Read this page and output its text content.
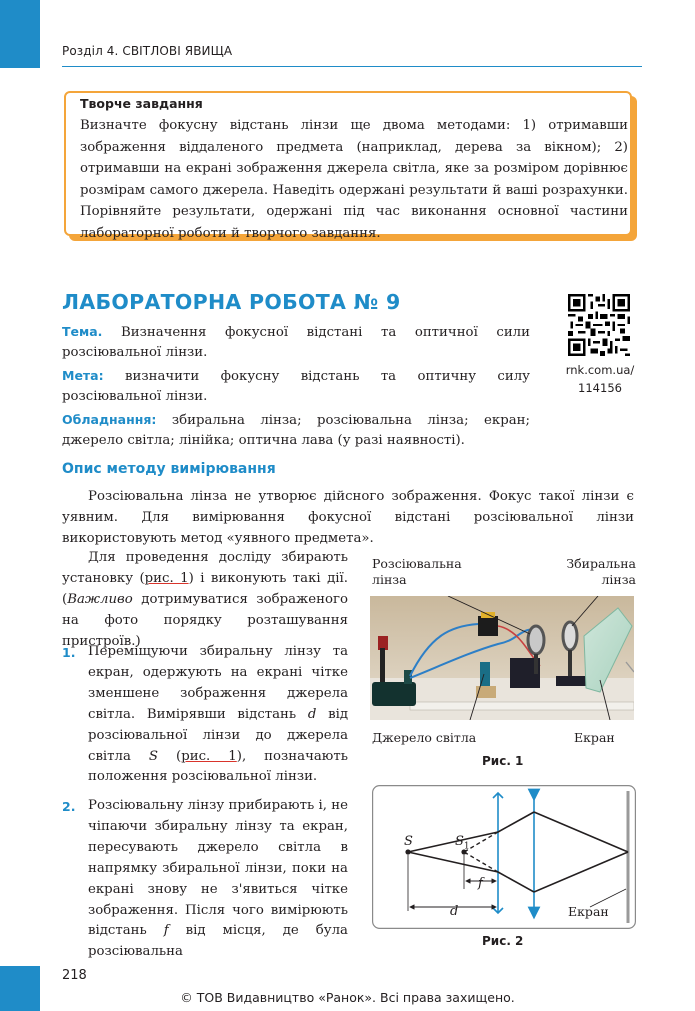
Розділ 4. СВІТЛОВІ ЯВИЩА
Творче завдання
Визначте фокусну відстань лінзи ще двома методами: 1) отримавши зображення віддаленого предмета (наприклад, дерева за вікном); 2) отримавши на екрані зображення джерела світла, яке за розміром дорівнює розмірам самого джерела. Наведіть одержані результати й ваші розрахунки. Порівняйте результати, одержані під час виконання основної частини лабораторної роботи й творчого завдання.
ЛАБОРАТОРНА РОБОТА № 9
rnk.com.ua/
114156
Тема. Визначення фокусної відстані та оптичної сили розсіювальної лінзи.
Мета: визначити фокусну відстань та оптичну силу розсіювальної лінзи.
Обладнання: збиральна лінза; розсіювальна лінза; екран; джерело світла; лінійка; оптична лава (у разі наявності).
Опис методу вимірювання
Розсіювальна лінза не утворює дійсного зображення. Фокус такої лінзи є уявним. Для вимірювання фокусної відстані розсіювальної лінзи використовують метод «уявного предмета».
Для проведення досліду збирають установку (рис. 1) і виконують такі дії. (Важливо дотримуватися зображеного на фото порядку розташування пристроїв.)
1. Переміщуючи збиральну лінзу та екран, одержують на екрані чітке зменшене зображення джерела світла. Вимірявши відстань d від розсіювальної лінзи до джерела світла S (рис. 1), позначають положення розсіювальної лінзи.
2. Розсіювальну лінзу прибирають і, не чіпаючи збиральну лінзу та екран, пересувають джерело світла в напрямку збиральної лінзи, поки на екрані знову не з'явиться чітке зображення. Після чого вимірюють відстань f від місця, де була розсіювальна
Розсіювальна
лінза
Збиральна
лінза
Джерело світла	Екран
Рис. 1
S	$S_1$
f
d	Екран
Рис. 2
218
© ТОВ Видавництво «Ранок». Всі права захищено.
